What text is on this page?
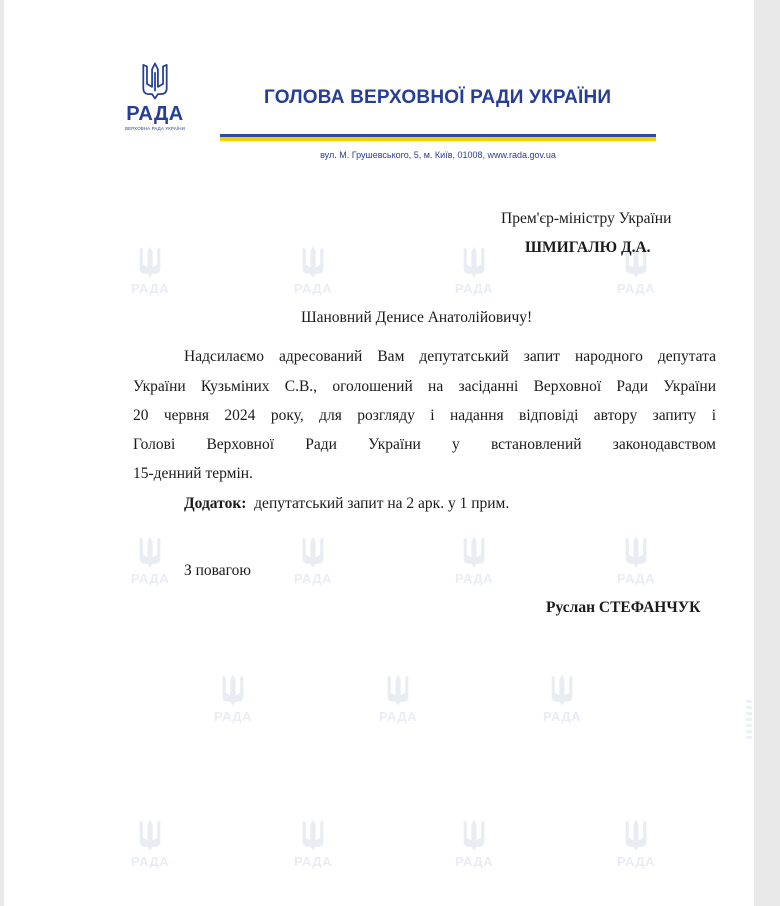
РАДА	РАДА	РАДА	РАДА
РАДА	РАДА	РАДА	РАДА
РАДА	РАДА	РАДА
РАДА	РАДА	РАДА	РАДА
РАДА
ВЕРХОВНА РАДА УКРАЇНИ
ГОЛОВА ВЕРХОВНОЇ РАДИ УКРАЇНИ
вул. М. Грушевського, 5, м. Київ, 01008, www.rada.gov.ua
Прем'єр-міністру України
ШМИГАЛЮ Д.А.
Шановний Денисе Анатолійовичу!
Надсилаємо адресований Вам депутатський запит народного депутата
України Кузьміних С.В., оголошений на засіданні Верховної Ради України
20 червня 2024 року, для розгляду і надання відповіді автору запиту і
Голові Верховної Ради України у встановлений законодавством
15-денний термін.
Додаток: депутатський запит на 2 арк. у 1 прим.
З повагою
Руслан СТЕФАНЧУК
